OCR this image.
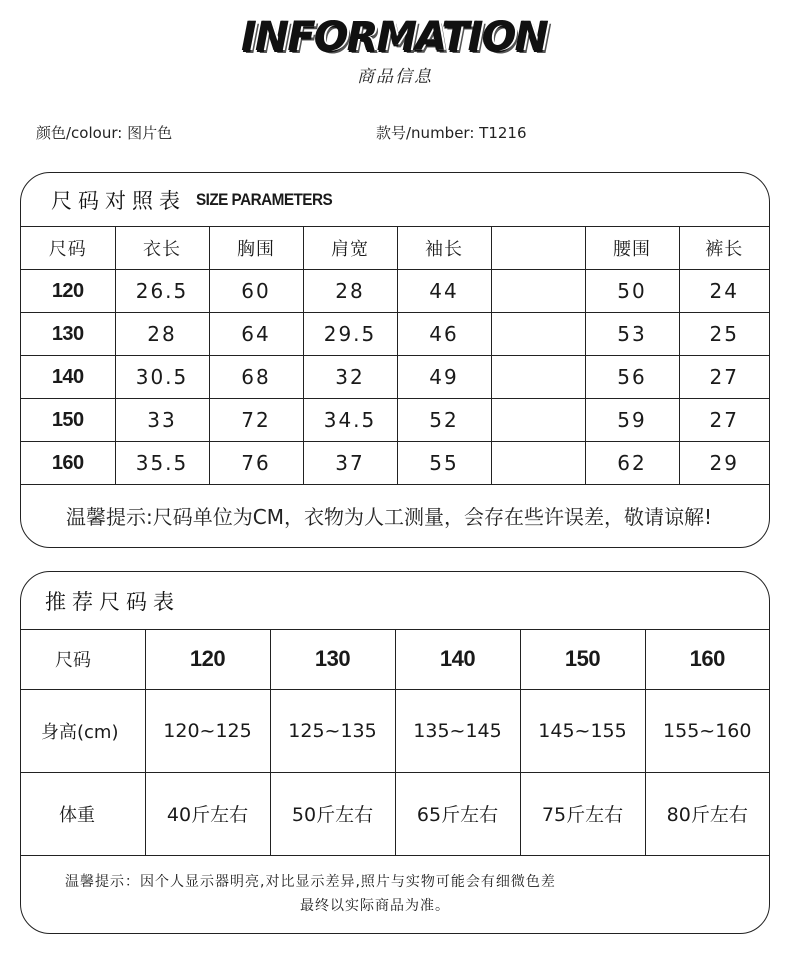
INFORMATION
商品信息
颜色/colour: 图片色	款号/number: T1216
尺码对照表 SIZE PARAMETERS
尺码	衣长	胸围	肩宽	袖长		腰围	裤长
120	26.5	60	28	44		50	24
130	28	64	29.5	46		53	25
140	30.5	68	32	49		56	27
150	33	72	34.5	52		59	27
160	35.5	76	37	55		62	29
温馨提示:尺码单位为CM，衣物为人工测量，会存在些许误差，敬请谅解!							
推荐尺码表
尺码	120	130	140	150	160
身高(cm)	120~125	125~135	135~145	145~155	155~160
体重	40斤左右	50斤左右	65斤左右	75斤左右	80斤左右

温馨提示：因个人显示器明亮,对比显示差异,照片与实物可能会有细微色差
最终以实际商品为准。					
